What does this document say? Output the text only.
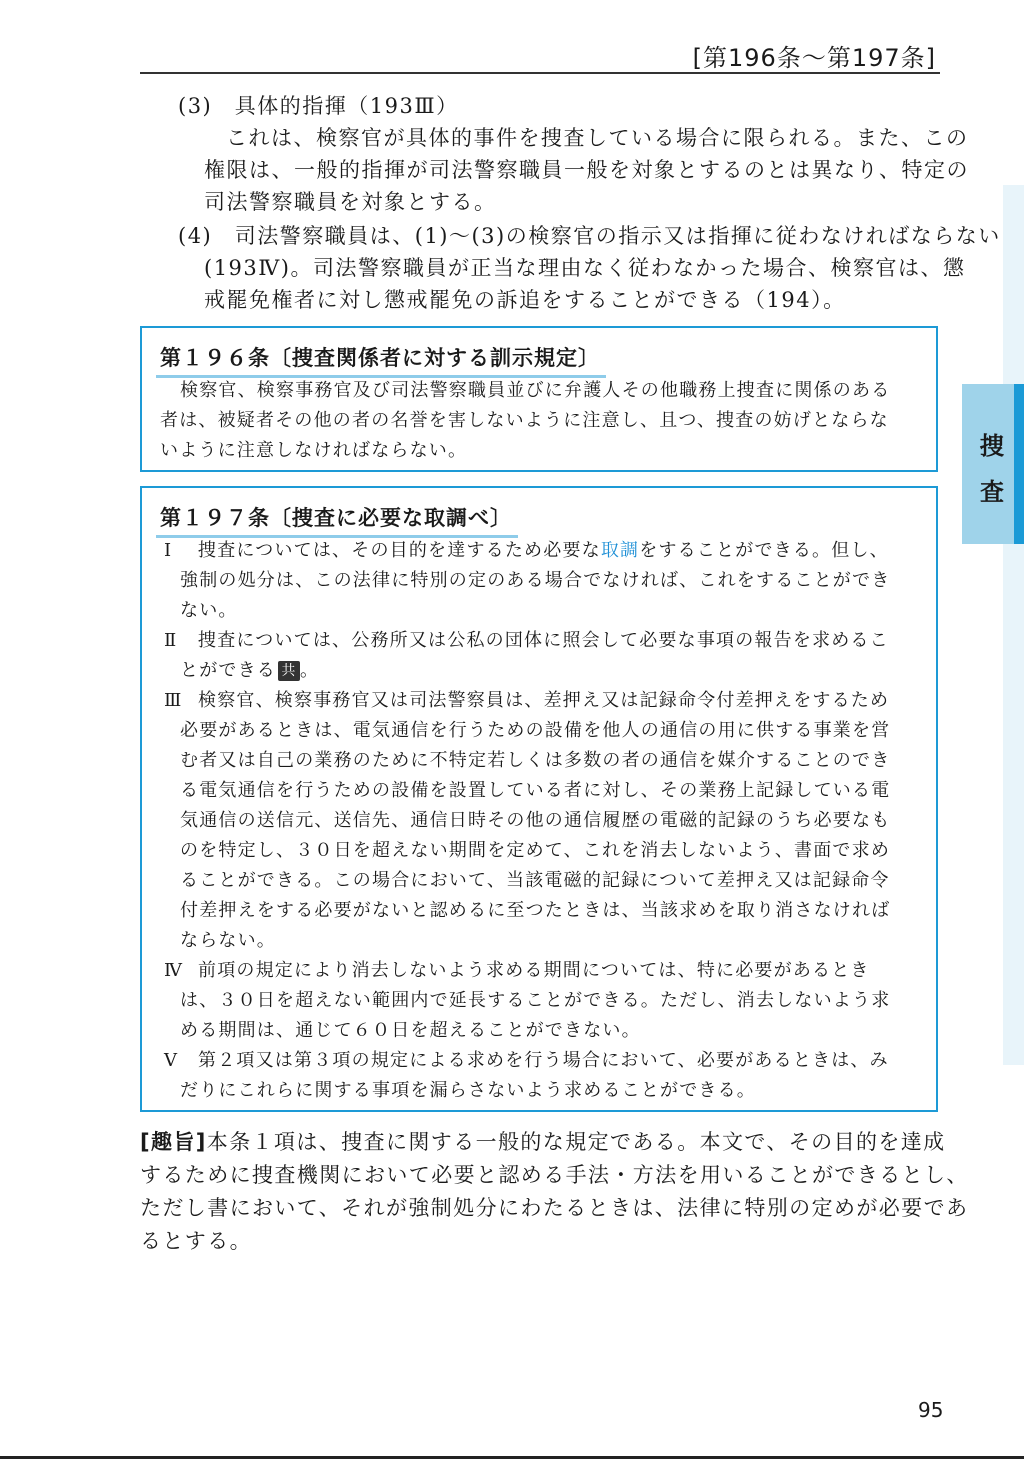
[第196条〜第197条]
捜
査
(3)　具体的指揮（193Ⅲ）
これは、検察官が具体的事件を捜査している場合に限られる。また、この
権限は、一般的指揮が司法警察職員一般を対象とするのとは異なり、特定の
司法警察職員を対象とする。
(4)　司法警察職員は、(1)〜(3)の検察官の指示又は指揮に従わなければならない
(193Ⅳ)。司法警察職員が正当な理由なく従わなかった場合、検察官は、懲
戒罷免権者に対し懲戒罷免の訴追をすることができる（194）。
第１９６条〔捜査関係者に対する訓示規定〕
検察官、検察事務官及び司法警察職員並びに弁護人その他職務上捜査に関係のある
者は、被疑者その他の者の名誉を害しないように注意し、且つ、捜査の妨げとならな
いように注意しなければならない。
第１９７条〔捜査に必要な取調べ〕
Ⅰ 捜査については、その目的を達するため必要な取調をすることができる。但し、
強制の処分は、この法律に特別の定のある場合でなければ、これをすることができ
ない。
Ⅱ 捜査については、公務所又は公私の団体に照会して必要な事項の報告を求めるこ
とができる 共 。
Ⅲ 検察官、検察事務官又は司法警察員は、差押え又は記録命令付差押えをするため
必要があるときは、電気通信を行うための設備を他人の通信の用に供する事業を営
む者又は自己の業務のために不特定若しくは多数の者の通信を媒介することのでき
る電気通信を行うための設備を設置している者に対し、その業務上記録している電
気通信の送信元、送信先、通信日時その他の通信履歴の電磁的記録のうち必要なも
のを特定し、３０日を超えない期間を定めて、これを消去しないよう、書面で求め
ることができる。この場合において、当該電磁的記録について差押え又は記録命令
付差押えをする必要がないと認めるに至つたときは、当該求めを取り消さなければ
ならない。
Ⅳ 前項の規定により消去しないよう求める期間については、特に必要があるとき
は、３０日を超えない範囲内で延長することができる。ただし、消去しないよう求
める期間は、通じて６０日を超えることができない。
Ⅴ 第２項又は第３項の規定による求めを行う場合において、必要があるときは、み
だりにこれらに関する事項を漏らさないよう求めることができる。
[趣旨]本条１項は、捜査に関する一般的な規定である。本文で、その目的を達成
するために捜査機関において必要と認める手法・方法を用いることができるとし、
ただし書において、それが強制処分にわたるときは、法律に特別の定めが必要であ
るとする。
95
